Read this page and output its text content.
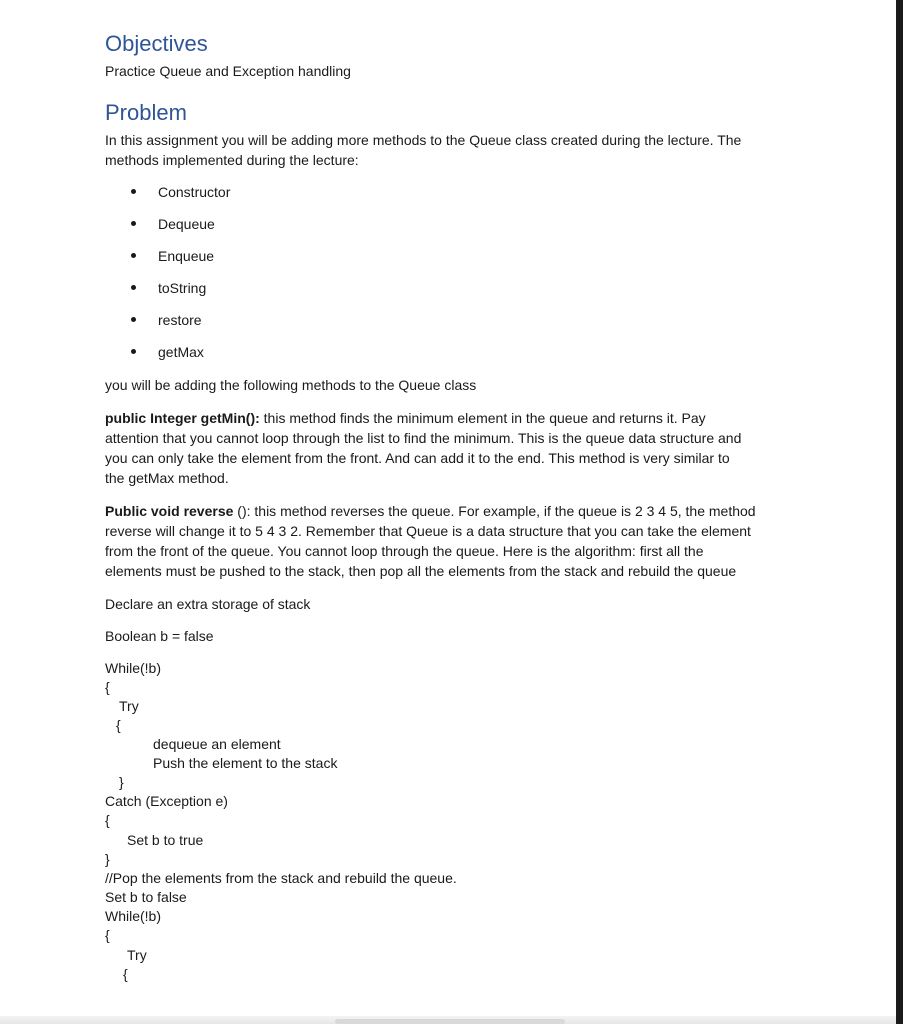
Objectives
Practice Queue and Exception handling
Problem
In this assignment you will be adding more methods to the Queue class created during the lecture. The
methods implemented during the lecture:
Constructor
Dequeue
Enqueue
toString
restore
getMax
you will be adding the following methods to the Queue class
public Integer getMin(): this method finds the minimum element in the queue and returns it. Pay
attention that you cannot loop through the list to find the minimum. This is the queue data structure and
you can only take the element from the front. And can add it to the end. This method is very similar to
the getMax method.
Public void reverse (): this method reverses the queue. For example, if the queue is 2 3 4 5, the method
reverse will change it to 5 4 3 2. Remember that Queue is a data structure that you can take the element
from the front of the queue. You cannot loop through the queue. Here is the algorithm: first all the
elements must be pushed to the stack, then pop all the elements from the stack and rebuild the queue
Declare an extra storage of stack
Boolean b = false
While(!b)
{
Try
{
dequeue an element
Push the element to the stack
}
Catch (Exception e)
{
Set b to true
}
//Pop the elements from the stack and rebuild the queue.
Set b to false
While(!b)
{
Try
{
